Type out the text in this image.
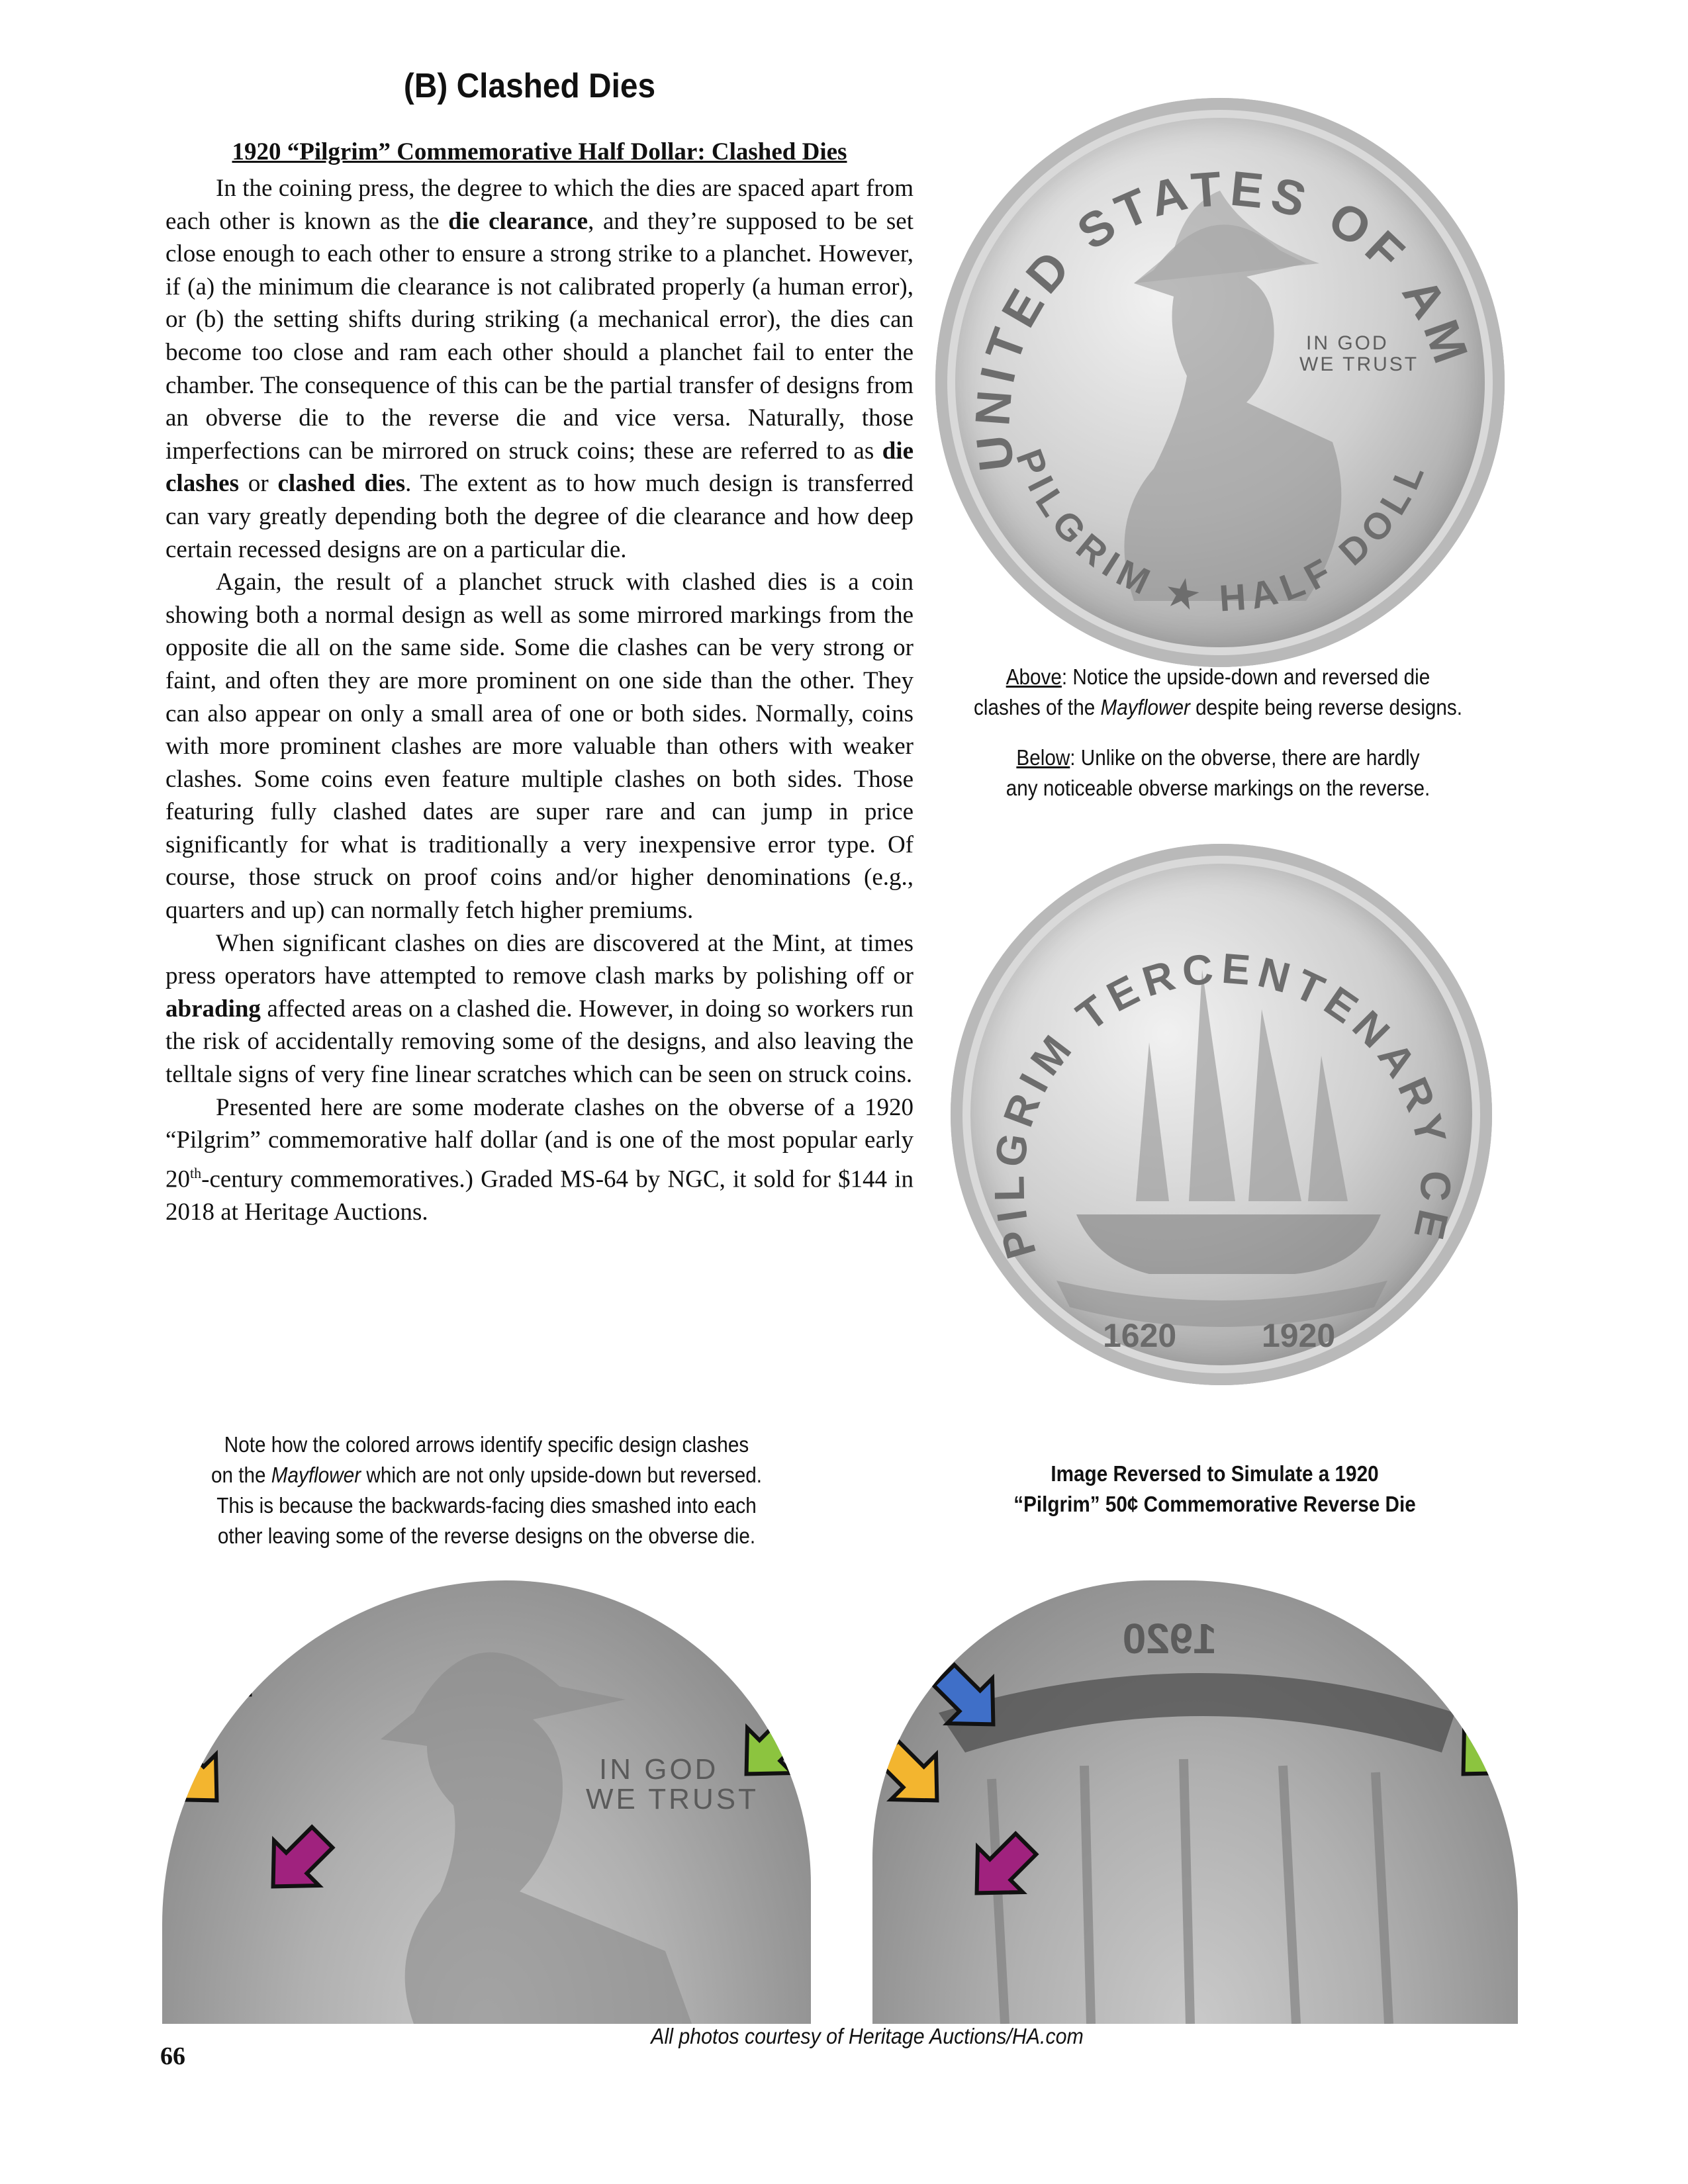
(B) Clashed Dies
1920 “Pilgrim” Commemorative Half Dollar: Clashed Dies

In the coining press, the degree to which the dies are spaced apart from each other is known as the die clearance, and they’re supposed to be set close enough to each other to ensure a strong strike to a planchet. However, if (a) the minimum die clearance is not calibrated properly (a human error), or (b) the setting shifts during striking (a mechanical error), the dies can become too close and ram each other should a planchet fail to enter the chamber. The consequence of this can be the partial transfer of designs from an obverse die to the reverse die and vice versa. Naturally, those imperfections can be mirrored on struck coins; these are referred to as die clashes or clashed dies. The extent as to how much design is transferred can vary greatly depending both the degree of die clearance and how deep certain recessed designs are on a particular die.

Again, the result of a planchet struck with clashed dies is a coin showing both a normal design as well as some mirrored markings from the opposite die all on the same side. Some die clashes can be very strong or faint, and often they are more prominent on one side than the other. They can also appear on only a small area of one or both sides. Normally, coins with more prominent clashes are more valuable than others with weaker clashes. Some coins even feature multiple clashes on both sides. Those featuring fully clashed dates are super rare and can jump in price significantly for what is traditionally a very inexpensive error type. Of course, those struck on proof coins and/or higher denominations (e.g., quarters and up) can normally fetch higher premiums.

When significant clashes on dies are discovered at the Mint, at times press operators have attempted to remove clash marks by polishing off or abrading affected areas on a clashed die. However, in doing so workers run the risk of accidentally removing some of the designs, and also leaving the telltale signs of very fine linear scratches which can be seen on struck coins.

Presented here are some moderate clashes on the obverse of a 1920 “Pilgrim” commemorative half dollar (and is one of the most popular early 20th-century commemoratives.) Graded MS-64 by NGC, it sold for $144 in 2018 at Heritage Auctions.

UNITED STATES OF AM
PILGRIM ★ HALF DOLL
IN GOD
WE TRUST
Above: Notice the upside-down and reversed die
clashes of the Mayflower despite being reverse designs.
Below: Unlike on the obverse, there are hardly
any noticeable obverse markings on the reverse.
PILGRIM TERCENTENARY CE
1620	1920
Note how the colored arrows identify specific design clashes
on the Mayflower which are not only upside-down but reversed.
This is because the backwards-facing dies smashed into each
other leaving some of the reverse designs on the obverse die.
Image Reversed to Simulate a 1920
“Pilgrim” 50¢ Commemorative Reverse Die
IN GOD
WE TRUST
1920
All photos courtesy of Heritage Auctions/HA.com
66
